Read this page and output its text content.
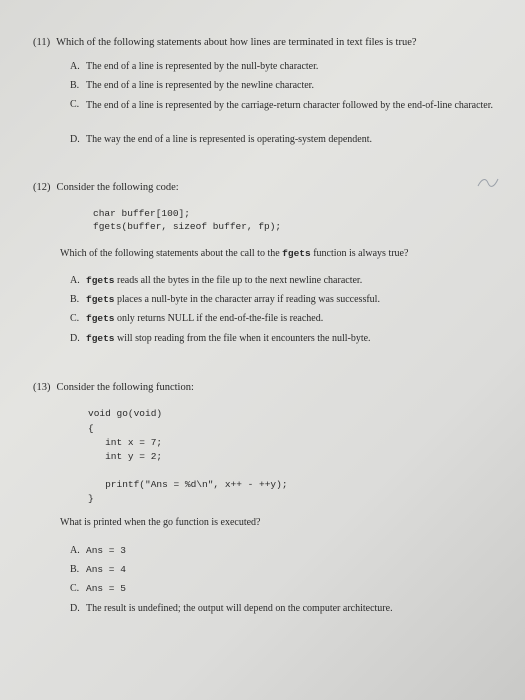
(11) Which of the following statements about how lines are terminated in text files is true?
A. The end of a line is represented by the null-byte character.
B. The end of a line is represented by the newline character.
C. The end of a line is represented by the carriage-return character followed by the end-of-line character.
D. The way the end of a line is represented is operating-system dependent.
(12) Consider the following code:
char buffer[100];
fgets(buffer, sizeof buffer, fp);
Which of the following statements about the call to the fgets function is always true?
A. fgets reads all the bytes in the file up to the next newline character.
B. fgets places a null-byte in the character array if reading was successful.
C. fgets only returns NULL if the end-of-the-file is reached.
D. fgets will stop reading from the file when it encounters the null-byte.
(13) Consider the following function:
void go(void)
{
int x = 7;
int y = 2;
printf("Ans = %d\n", x++ - ++y);
}
What is printed when the go function is executed?
A. Ans = 3
B. Ans = 4
C. Ans = 5
D. The result is undefined; the output will depend on the computer architecture.
